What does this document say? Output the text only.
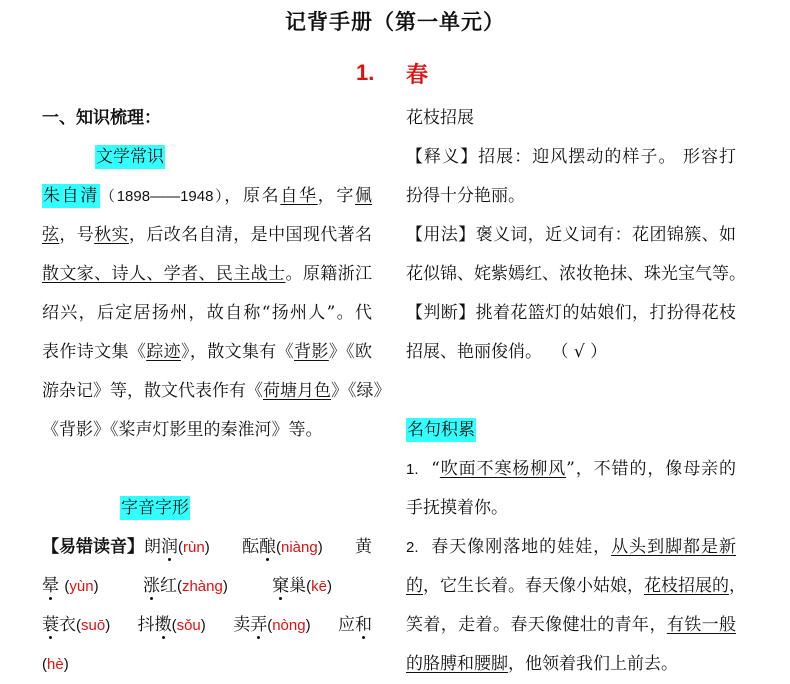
记背手册（第一单元）
1. 春
一、知识梳理：
文学常识
朱自清（1898——1948），原名自华，字佩
弦，号秋实，后改名自清，是中国现代著名
散文家、诗人、学者、民主战士。原籍浙江
绍兴，后定居扬州，故自称“扬州人”。代
表作诗文集《踪迹》，散文集有《背影》《欧
游杂记》等，散文代表作有《荷塘月色》《绿》
《背影》《桨声灯影里的秦淮河》等。
字音字形
【易错读音】朗润(rùn) 酝酿(niàng) 黄
晕 (yùn)	涨红(zhàng)	窠巢(kē)
蓑衣(suō) 抖擞(sǒu) 卖弄(nòng) 应和
(hè)
花枝招展
【释义】招展：迎风摆动的样子。 形容打
扮得十分艳丽。
【用法】褒义词，近义词有：花团锦簇、如
花似锦、姹紫嫣红、浓妆艳抹、珠光宝气等。
【判断】挑着花篮灯的姑娘们，打扮得花枝
招展、艳丽俊俏。 （ √ ）
名句积累
1. “吹面不寒杨柳风”，不错的，像母亲的
手抚摸着你。
2. 春天像刚落地的娃娃，从头到脚都是新
的，它生长着。春天像小姑娘，花枝招展的，
笑着，走着。春天像健壮的青年，有铁一般
的胳膊和腰脚，他领着我们上前去。
